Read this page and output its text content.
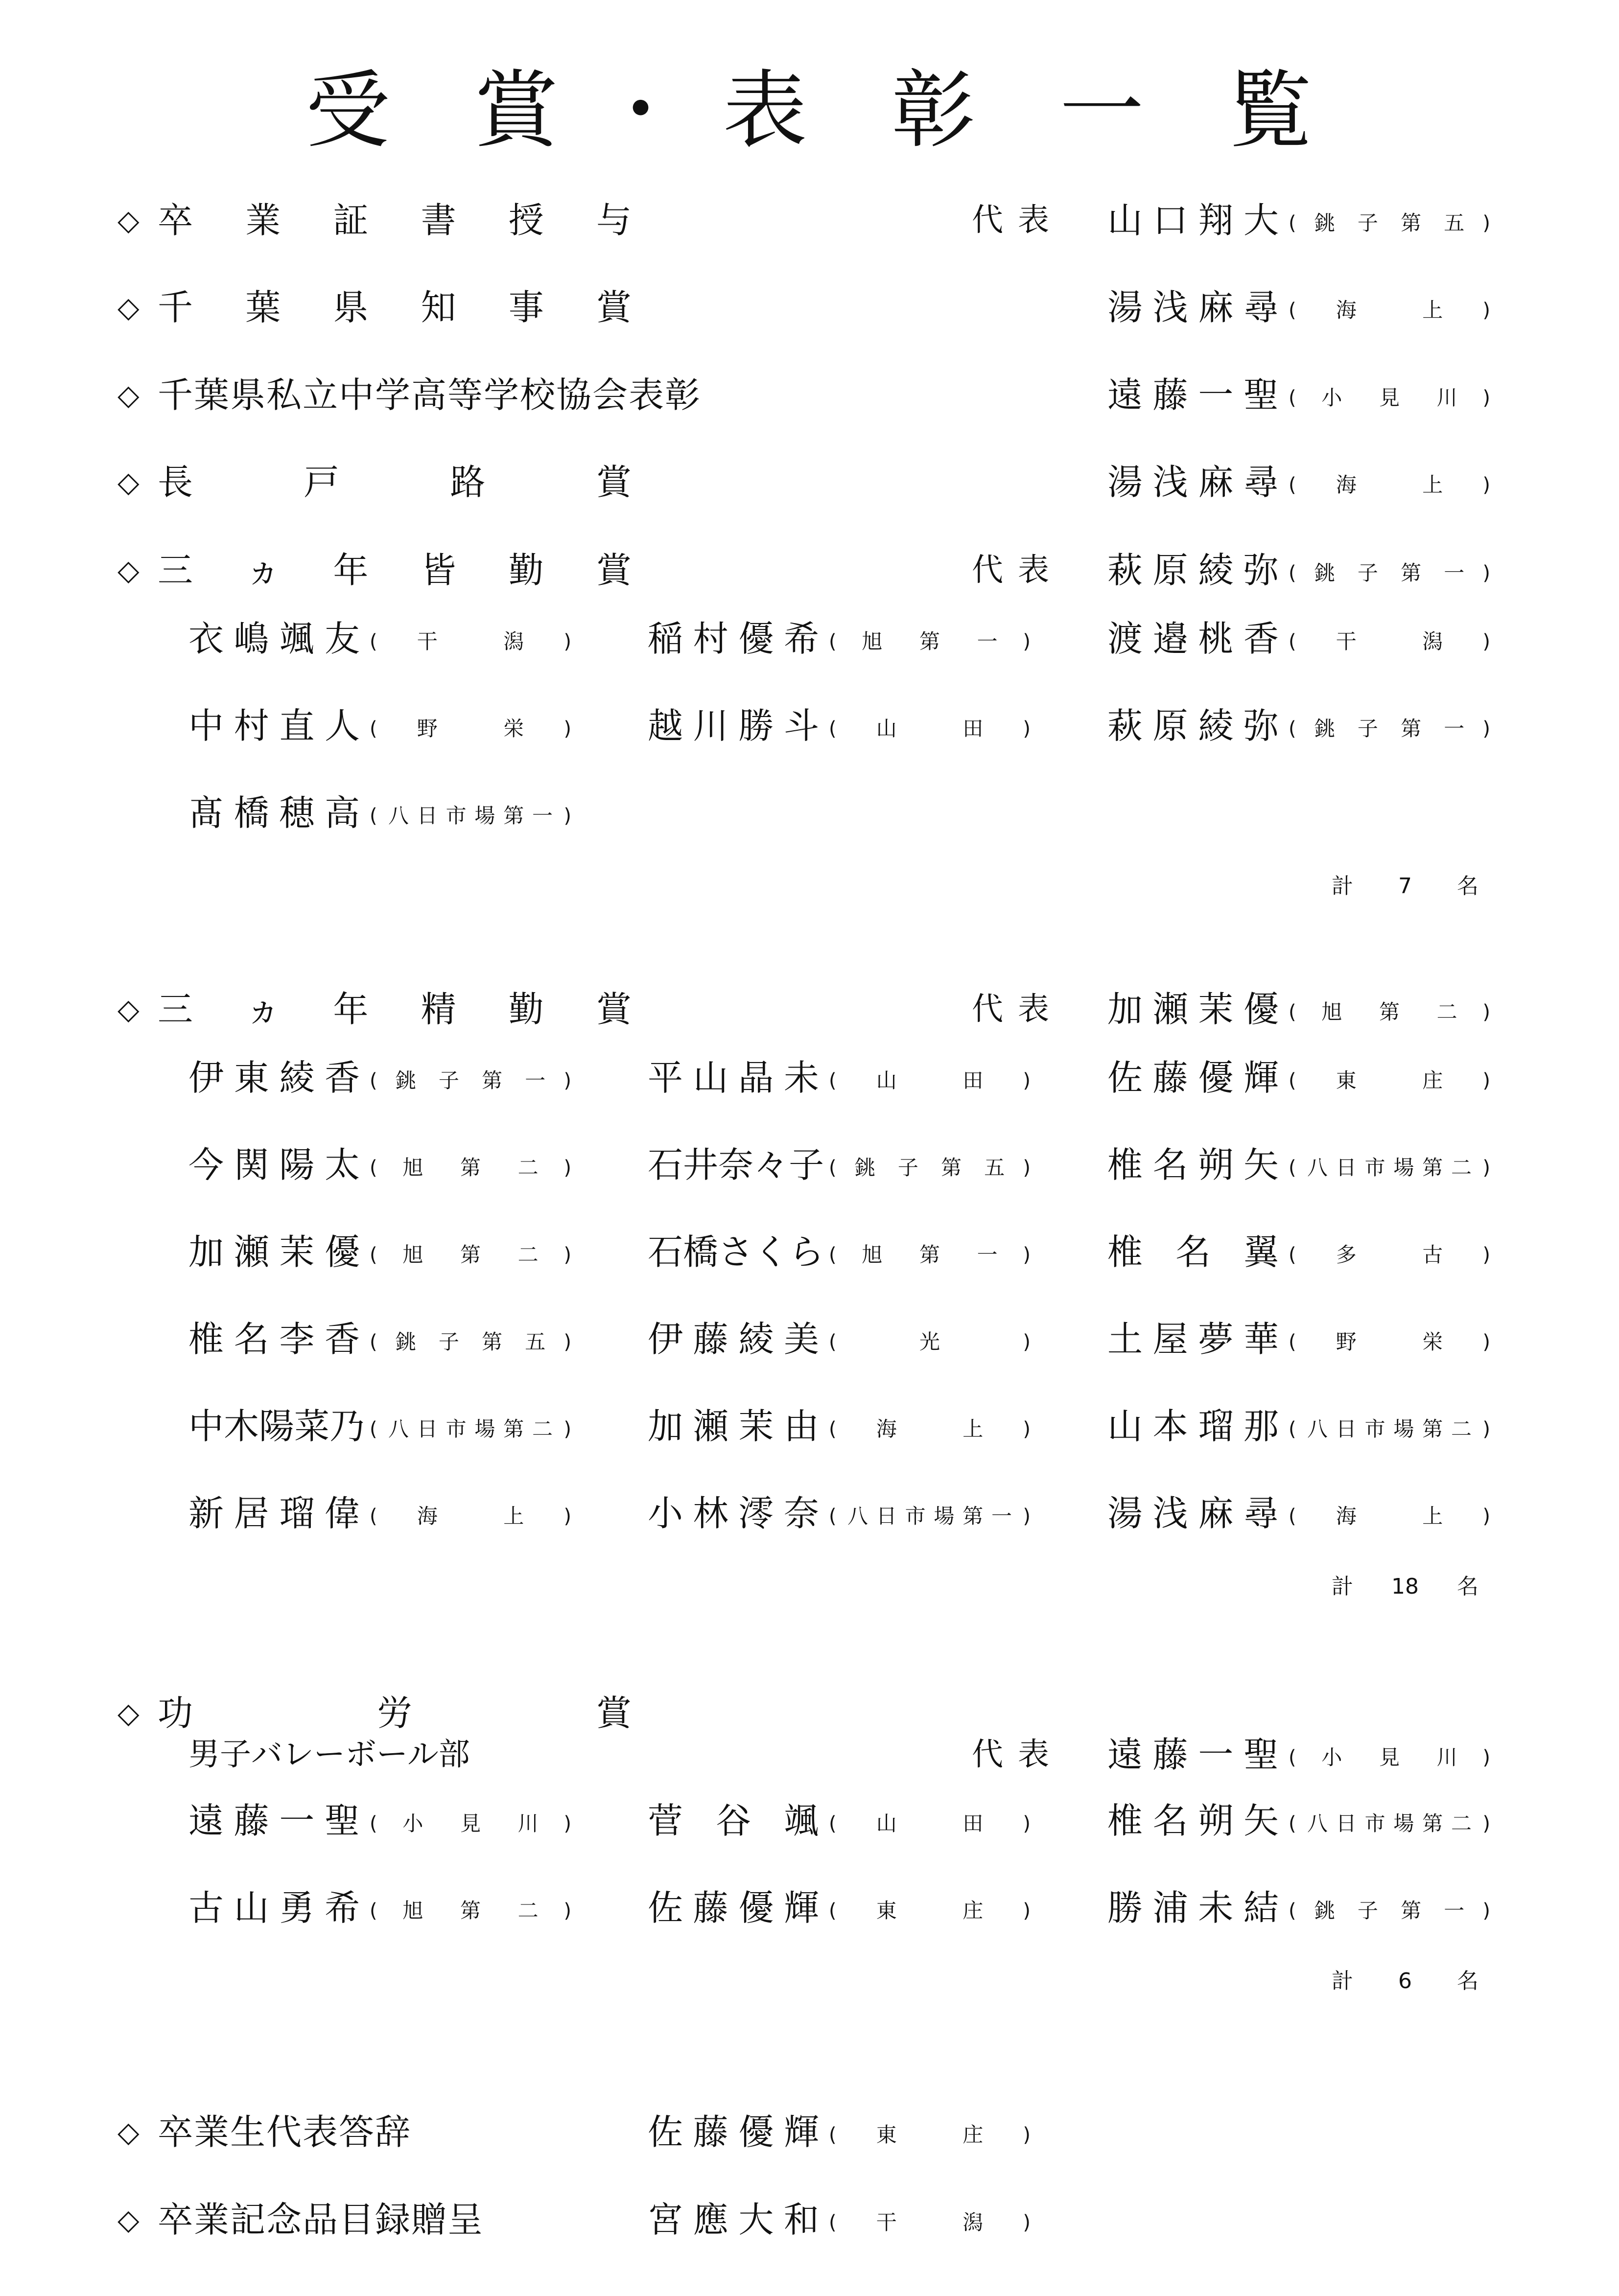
受 賞 ・ 表 彰 一 覧
◇ 卒 業 証 書 授 与	代表 山 口 翔 大 ( 銚 子 第 五 )
◇ 千 葉 県 知 事 賞	湯 浅 麻 尋 ( 海	上 )
◇ 千葉県私立中学高等学校協会表彰	遠 藤 一 聖 ( 小 見 川 )
◇ 長	戸	路	賞	湯 浅 麻 尋 ( 海	上 )
◇ 三 ヵ 年 皆 勤 賞	代表 萩 原 綾 弥 ( 銚 子 第 一 )
衣 嶋 颯 友 ( 干	潟 ) 稲 村 優 希 ( 旭 第 一 ) 渡 邉 桃 香 ( 干	潟 )
中 村 直 人 ( 野	栄 ) 越 川 勝 斗 ( 山	田 ) 萩 原 綾 弥 ( 銚 子 第 一 )
髙 橋 穂 高 ( 八 日 市 場 第 一 )
計 7 名
◇ 三 ヵ 年 精 勤 賞	代表 加 瀬 茉 優 ( 旭 第 二 )
伊 東 綾 香 ( 銚 子 第 一 ) 平 山 晶 未 ( 山	田 ) 佐 藤 優 輝 ( 東	庄 )
今 関 陽 太 ( 旭 第 二 ) 石 井 奈 々 子 ( 銚 子 第 五 ) 椎 名 朔 矢 ( 八 日 市 場 第 二 )
加 瀬 茉 優 ( 旭 第 二 ) 石 橋 さ く ら ( 旭 第 一 ) 椎 名 翼 ( 多	古 )
椎 名 李 香 ( 銚 子 第 五 ) 伊 藤 綾 美 (	光	) 土 屋 夢 華 ( 野	栄 )
中 木 陽 菜 乃 ( 八 日 市 場 第 二 ) 加 瀬 茉 由 ( 海	上 ) 山 本 瑠 那 ( 八 日 市 場 第 二 )
新 居 瑠 偉 ( 海	上 ) 小 林 澪 奈 ( 八 日 市 場 第 一 ) 湯 浅 麻 尋 ( 海	上 )
計 18 名
◇ 功	労	賞
男子バレーボール部	代表 遠 藤 一 聖 ( 小 見 川 )
遠 藤 一 聖 ( 小 見 川 ) 菅 谷 颯 ( 山	田 ) 椎 名 朔 矢 ( 八 日 市 場 第 二 )
古 山 勇 希 ( 旭 第 二 ) 佐 藤 優 輝 ( 東	庄 ) 勝 浦 未 結 ( 銚 子 第 一 )
計 6 名
◇ 卒業生代表答辞	佐 藤 優 輝 ( 東	庄 )
◇ 卒業記念品目録贈呈	宮 應 大 和 ( 干	潟 )
